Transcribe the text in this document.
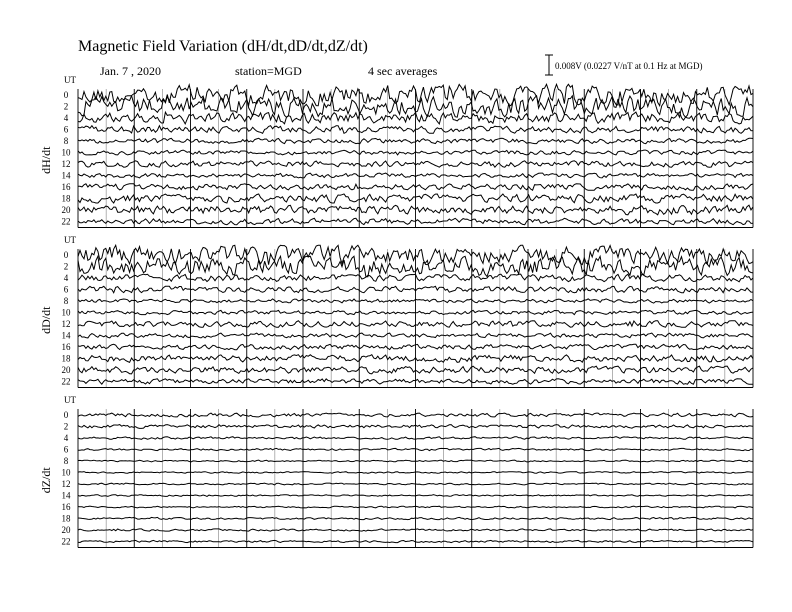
Magnetic Field Variation (dH/dt,dD/dt,dZ/dt)
Jan. 7 , 2020	station=MGD	4 sec averages	0.008V (0.0227 V/nT at 0.1 Hz at MGD)
UT
dH/dt
0
2
4
6
8
10
12
14
16
18
20
22
UT
dD/dt
0
2
4
6
8
10
12
14
16
18
20
22
UT
dZ/dt
0
2
4
6
8
10
12
14
16
18
20
22
